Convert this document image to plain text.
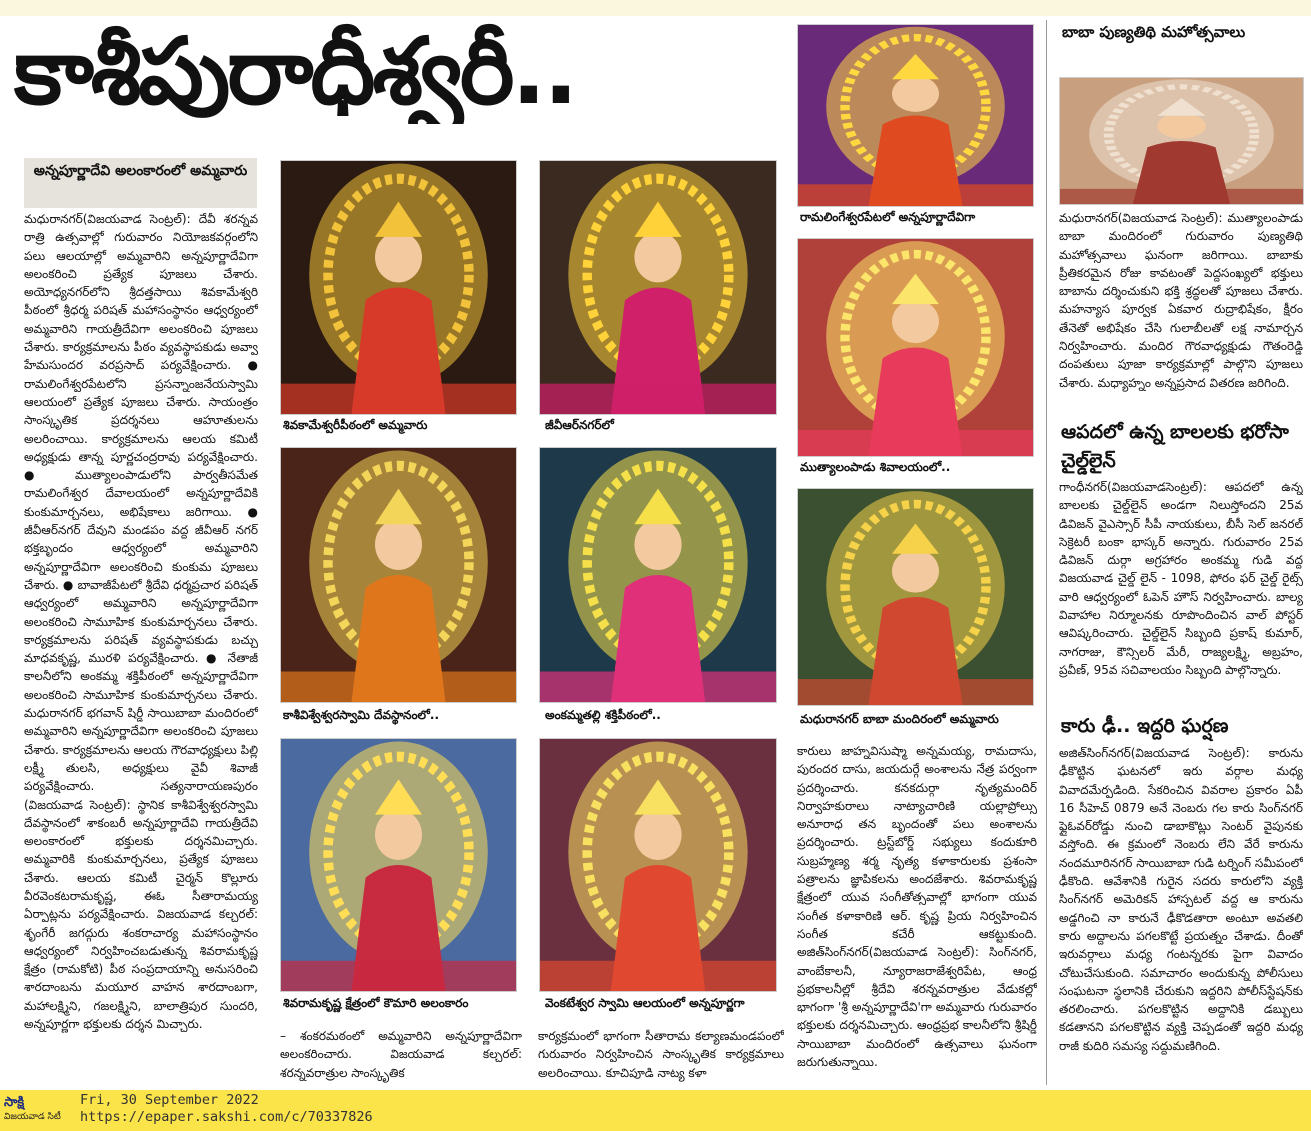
కాశీపురాధీశ్వరీ..
అన్నపూర్ణాదేవి అలంకారంలో అమ్మవారు

మధురానగర్(విజయవాడ సెంట్రల్): దేవీ శరన్నవ రాత్రి ఉత్సవాల్లో గురువారం నియోజకవర్గంలోని పలు ఆలయాల్లో అమ్మవారిని అన్నపూర్ణాదేవిగా అలంకరించి ప్రత్యేక పూజలు చేశారు. అయోధ్యనగర్‌లోని శ్రీదత్తసాయి శివకామేశ్వరి పీఠంలో శ్రీధర్మ పరిషత్ మహాసంస్థానం ఆధ్వర్యంలో అమ్మవారిని గాయత్రీదేవిగా అలంకరించి పూజలు చేశారు. కార్యక్రమాలను పీఠం వ్యవస్థాపకుడు అవ్వా హేమసుందర వరప్రసాద్ పర్యవేక్షించారు. ● రామలింగేశ్వరపేటలోని ప్రసన్నాంజనేయస్వామి ఆలయంలో ప్రత్యేక పూజలు చేశారు. సాయంత్రం సాంస్కృతిక ప్రదర్శనలు ఆహూతులను అలరించాయి. కార్యక్రమాలను ఆలయ కమిటీ అధ్యక్షుడు తాన్న పూర్ణచంద్రరావు పర్యవేక్షించారు. ● ముత్యాలంపాడులోని పార్వతీసమేత రామలింగేశ్వర దేవాలయంలో అన్నపూర్ణాదేవికి కుంకుమార్చనలు, అభిషేకాలు జరిగాయి. ● జీవీఆర్‌నగర్ దేవుని మండపం వద్ద జీవీఆర్ నగర్ భక్తబృందం ఆధ్వర్యంలో అమ్మవారిని అన్నపూర్ణాదేవిగా అలంకరించి కుంకుమ పూజలు చేశారు. ● బావాజీపేటలో శ్రీదేవి ధర్మప్రచార పరిషత్ ఆధ్వర్యంలో అమ్మవారిని అన్నపూర్ణాదేవిగా అలంకరించి సామూహిక కుంకుమార్చనలు చేశారు. కార్యక్రమాలను పరిషత్ వ్యవస్థాపకుడు బచ్చు మాధవకృష్ణ, మురళి పర్యవేక్షించారు. ● నేతాజీ కాలనీలోని అంకమ్మ శక్తిపీఠంలో అన్నపూర్ణాదేవిగా అలంకరించి సామూహిక కుంకుమార్చనలు చేశారు. మధురానగర్ భగవాన్ షిర్డీ సాయిబాబా మందిరంలో అమ్మవారిని అన్నపూర్ణాదేవిగా అలంకరించి పూజలు చేశారు. కార్యక్రమాలను ఆలయ గౌరవాధ్యక్షులు పిల్లి లక్ష్మీ తులసి, అధ్యక్షులు వైవీ శివాజీ పర్యవేక్షించారు. సత్యనారాయణపురం (విజయవాడ సెంట్రల్): స్థానిక కాశీవిశ్వేశ్వరస్వామి దేవస్థానంలో శాకంబరీ అన్నపూర్ణాదేవి గాయత్రీదేవి అలంకారంలో భక్తులకు దర్శనమిచ్చారు. అమ్మవారికి కుంకుమార్చనలు, ప్రత్యేక పూజలు చేశారు. ఆలయ కమిటీ చైర్మన్ కొల్లూరు వీరవెంకటరామకృష్ణ, ఈఓ సీతారామయ్య ఏర్పాట్లను పర్యవేక్షించారు. విజయవాడ కల్చరల్: శృంగేరీ జగద్గురు శంకరాచార్య మహాసంస్థానం ఆధ్వర్యంలో నిర్వహించబడుతున్న శివరామకృష్ణ క్షేత్రం (రామకోటి) పీఠ సంప్రదాయాన్ని అనుసరించి శారదాంబను మయూర వాహన శారదాంబగా, మహాలక్ష్మిని, గజలక్ష్మిని, బాలాత్రిపుర సుందరి, అన్నపూర్ణగా భక్తులకు దర్శన మిచ్చారు.

– శంకరమఠంలో అమ్మవారిని అన్నపూర్ణాదేవిగా అలంకరించారు. విజయవాడ కల్చరల్: శరన్నవరాత్రుల సాంస్కృతిక

కార్యక్రమంలో భాగంగా సీతారామ కల్యాణమండపంలో గురువారం నిర్వహించిన సాంస్కృతిక కార్యక్రమాలు అలరించాయి. కూచిపూడి నాట్య కళా

కారులు జాహ్నవిసుష్మా అన్నమయ్య, రామదాసు, పురందర దాసు, జయదుర్గే అంశాలను నేత్ర పర్వంగా ప్రదర్శించారు. కనకదుర్గా నృత్యమందిర్ నిర్వాహకురాలు నాట్యాచారిణి యల్లాప్రోల్సు అనూరాధ తన బృందంతో పలు అంశాలను ప్రదర్శించారు. ట్రస్ట్‌బోర్డ్ సభ్యులు కందుకూరి సుబ్రహ్మణ్య శర్మ నృత్య కళాకారులకు ప్రశంసా పత్రాలను జ్ఞాపికలను అందజేశారు. శివరామకృష్ణ క్షేత్రంలో యువ సంగీతోత్సవాల్లో భాగంగా యువ సంగీత కళాకారిణి ఆర్. కృష్ణ ప్రియ నిర్వహించిన సంగీత కచేరీ ఆకట్టుకుంది. అజిత్‌సింగ్‌నగర్(విజయవాడ సెంట్రల్): సింగ్‌నగర్, వాంబేకాలనీ, న్యూరాజరాజేశ్వరిపేట, ఆంధ్ర ప్రభకాలనీల్లో శ్రీదేవి శరన్నవరాత్రుల వేడుకల్లో భాగంగా 'శ్రీ అన్నపూర్ణాదేవి'గా అమ్మవారు గురువారం భక్తులకు దర్శనమిచ్చారు. ఆంధ్రప్రభ కాలనీలోని శ్రీషిర్డీ సాయిబాబా మందిరంలో ఉత్సవాలు ఘనంగా జరుగుతున్నాయి.

శివకామేశ్వరీపీఠంలో అమ్మవారు	జీవీఆర్‌నగర్‌లో
కాశీవిశ్వేశ్వరస్వామి దేవస్థానంలో..	అంకమ్మతల్లి శక్తిపీఠంలో..
శివరామకృష్ణ క్షేత్రంలో కౌమారి అలంకారం	వెంకటేశ్వర స్వామి ఆలయంలో అన్నపూర్ణగా
రామలింగేశ్వరపేటలో అన్నపూర్ణాదేవిగా
ముత్యాలంపాడు శివాలయంలో..
మధురానగర్ బాబా మందిరంలో అమ్మవారు
బాబా పుణ్యతిథి మహోత్సవాలు

మధురానగర్(విజయవాడ సెంట్రల్): ముత్యాలంపాడు బాబా మందిరంలో గురువారం పుణ్యతిథి మహోత్సవాలు ఘనంగా జరిగాయి. బాబాకు ప్రీతికరమైన రోజు కావటంతో పెద్దసంఖ్యలో భక్తులు బాబాను దర్శించుకుని భక్తి శ్రద్ధలతో పూజలు చేశారు. మహన్యాస పూర్వక ఏకవార రుద్రాభిషేకం, క్షీరం తేనెతో అభిషేకం చేసి గులాబీలతో లక్ష నామార్చన నిర్వహించారు. మందిర గౌరవాధ్యక్షుడు గౌతంరెడ్డి దంపతులు పూజా కార్యక్రమాల్లో పాల్గొని పూజలు చేశారు. మధ్యాహ్నం అన్నప్రసాద వితరణ జరిగింది.

ఆపదలో ఉన్న బాలలకు భరోసా చైల్డ్‌లైన్

గాంధీనగర్(విజయవాడసెంట్రల్): ఆపదలో ఉన్న బాలలకు చైల్డ్‌లైన్ అండగా నిలుస్తోందని 25వ డివిజన్ వైఎస్సార్ సీపీ నాయకులు, బీసీ సెల్ జనరల్ సెక్రెటరీ బంకా భాస్కర్ అన్నారు. గురువారం 25వ డివిజన్ దుర్గా అగ్రహారం అంకమ్మ గుడి వద్ద విజయవాడ చైల్డ్ లైన్ - 1098, ఫోరం ఫర్ చైల్డ్ రైట్స్ వారి ఆధ్వర్యంలో ఓపెన్ హౌస్ నిర్వహించారు. బాల్య వివాహాల నిర్మూలనకు రూపొందించిన వాల్ పోస్టర్ ఆవిష్కరించారు. చైల్డ్‌లైన్ సిబ్బంది ప్రకాష్ కుమార్, నాగరాజు, కౌన్సిలర్ మేరీ, రాజ్యలక్ష్మి, అబ్రహం, ప్రవీణ్, 95వ సచివాలయం సిబ్బంది పాల్గొన్నారు.

కారు ఢీ.. ఇద్దరి ఘర్షణ

అజిత్‌సింగ్‌నగర్(విజయవాడ సెంట్రల్): కారును ఢీకొట్టిన ఘటనలో ఇరు వర్గాల మధ్య వివాదమేర్పడింది. సేకరించిన వివరాల ప్రకారం ఏపీ 16 సీహెచ్ 0879 అనే నెంబరు గల కారు సింగ్‌నగర్ ఫ్లైఓవర్‌రోడ్డు నుంచి డాబాకొట్లు సెంటర్ వైపునకు వస్తోంది. ఈ క్రమంలో నెంబరు లేని వేరే కారును నందమూరినగర్ సాయిబాబా గుడి టర్నింగ్ సమీపంలో ఢీకొంది. ఆవేశానికి గురైన సదరు కారులోని వ్యక్తి సింగ్‌నగర్ అమెరికన్ హాస్పటల్ వద్ద ఆ కారును అడ్డగించి నా కారునే ఢీకొడతారా అంటూ అవతలి కారు అద్దాలను పగలకొట్టే ప్రయత్నం చేశాడు. దీంతో ఇరువర్గాలు మధ్య గంటన్నరకు పైగా వివాదం చోటుచేసుకుంది. సమాచారం అందుకున్న పోలీసులు సంఘటనా స్థలానికి చేరుకుని ఇద్దరిని పోలీస్‌స్టేషన్‌కు తరలించారు. పగలకొట్టిన అద్దానికి డబ్బులు కడతానని పగలకొట్టిన వ్యక్తి చెప్పడంతో ఇద్దరి మధ్య రాజీ కుదిరి సమస్య సద్దుమణిగింది.

సాక్షి
విజయవాడ సిటీ
Fri, 30 September 2022
https://epaper.sakshi.com/c/70337826
